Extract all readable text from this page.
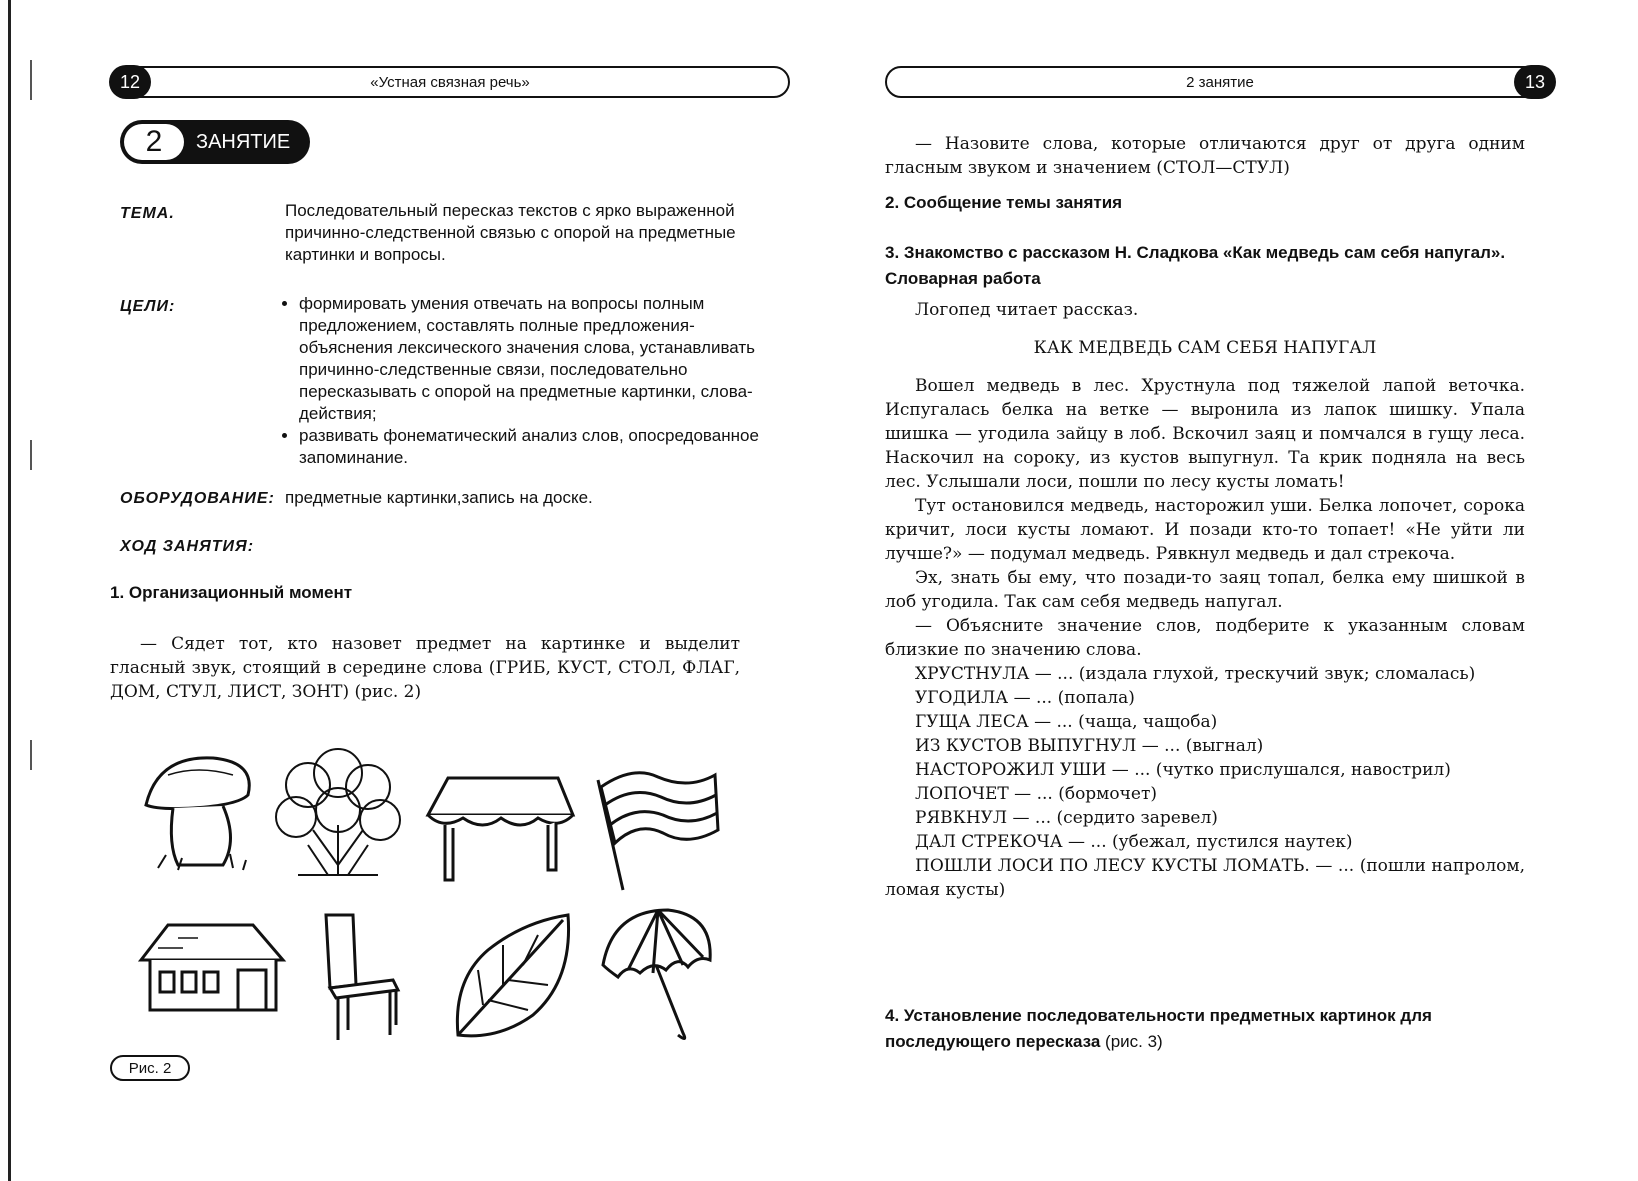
12	«Устная связная речь»
2	ЗАНЯТИЕ
ТЕМА.	Последовательный пересказ текстов с ярко выраженной причинно-следственной связью с опорой на предметные картинки и вопросы.
ЦЕЛИ:
•	формировать умения отвечать на вопросы полным предложением, составлять полные предложения-объяснения лексического значения слова, устанавливать причинно-следственные связи, последовательно пересказывать с опорой на предметные картинки, слова-действия;
• развивать фонематический анализ слов, опосредованное запоминание.
ОБОРУДОВАНИЕ: предметные картинки,запись на доске.
ХОД ЗАНЯТИЯ:
1. Организационный момент

— Сядет тот, кто назовет предмет на картинке и выделит гласный звук, стоящий в середине слова (ГРИБ, КУСТ, СТОЛ, ФЛАГ, ДОМ, СТУЛ, ЛИСТ, ЗОНТ) (рис. 2)

Рис. 2
2 занятие	13

— Назовите слова, которые отличаются друг от друга одним гласным звуком и значением (СТОЛ—СТУЛ)

2. Сообщение темы занятия
3. Знакомство с рассказом Н. Сладкова «Как медведь сам себя напугал». Словарная работа

Логопед читает рассказ.

КАК МЕДВЕДЬ САМ СЕБЯ НАПУГАЛ

Вошел медведь в лес. Хрустнула под тяжелой лапой веточка. Испугалась белка на ветке — выронила из лапок шишку. Упала шишка — угодила зайцу в лоб. Вскочил заяц и помчался в гущу леса. Наскочил на сороку, из кустов выпугнул. Та крик подняла на весь лес. Услышали лоси, пошли по лесу кусты ломать!

Тут остановился медведь, насторожил уши. Белка лопочет, сорока кричит, лоси кусты ломают. И позади кто-то топает! «Не уйти ли лучше?» — подумал медведь. Рявкнул медведь и дал стрекоча.

Эх, знать бы ему, что позади-то заяц топал, белка ему шишкой в лоб угодила. Так сам себя медведь напугал.

— Объясните значение слов, подберите к указанным словам близкие по значению слова.

ХРУСТНУЛА — ... (издала глухой, трескучий звук; сломалась)

УГОДИЛА — ... (попала)

ГУЩА ЛЕСА — ... (чаща, чащоба)

ИЗ КУСТОВ ВЫПУГНУЛ — ... (выгнал)

НАСТОРОЖИЛ УШИ — ... (чутко прислушался, навострил)

ЛОПОЧЕТ — ... (бормочет)

РЯВКНУЛ — ... (сердито заревел)

ДАЛ СТРЕКОЧА — ... (убежал, пустился наутек)

ПОШЛИ ЛОСИ ПО ЛЕСУ КУСТЫ ЛОМАТЬ. — ... (пошли напролом, ломая кусты)

4. Установление последовательности предметных картинок для последующего пересказа (рис. 3)
